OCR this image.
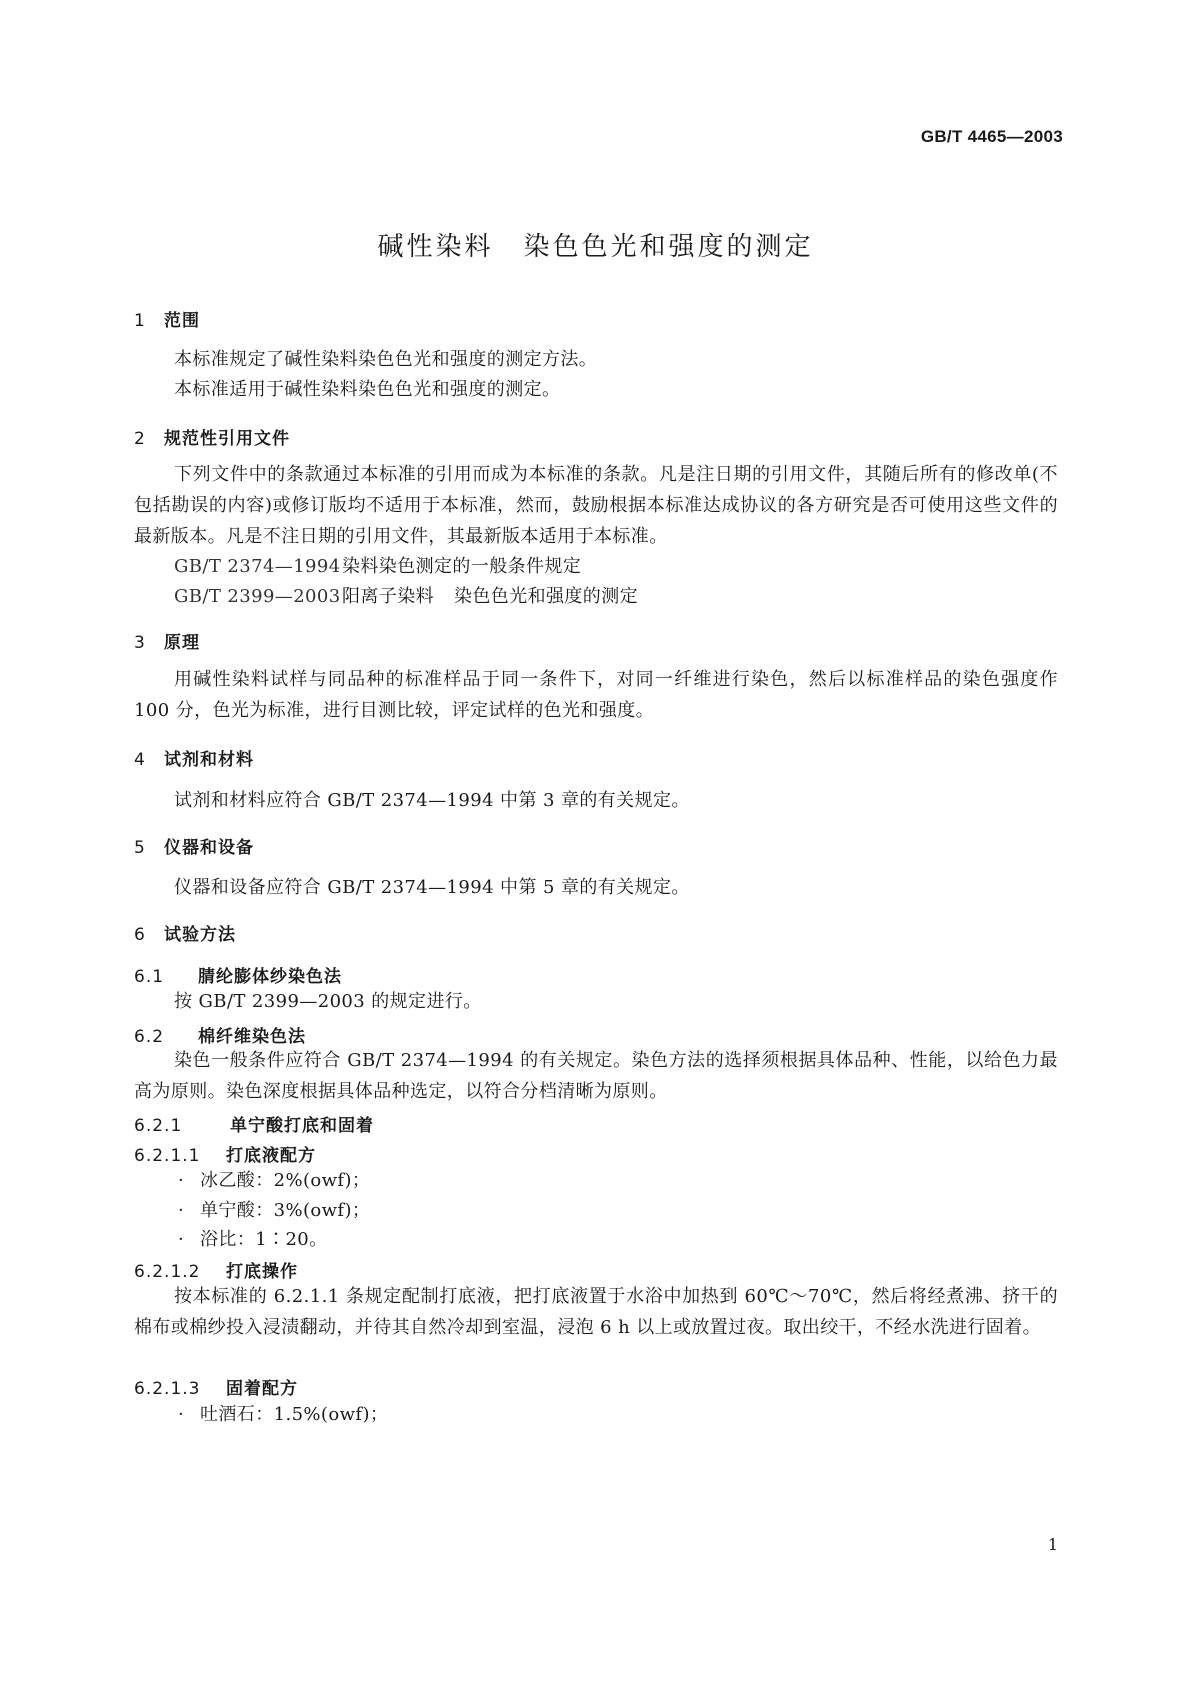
GB/T 4465—2003
碱性染料 染色色光和强度的测定
1 范围
本标准规定了碱性染料染色色光和强度的测定方法。
本标准适用于碱性染料染色色光和强度的测定。
2 规范性引用文件
下列文件中的条款通过本标准的引用而成为本标准的条款。凡是注日期的引用文件，其随后所有的修改单(不包括勘误的内容)或修订版均不适用于本标准，然而，鼓励根据本标准达成协议的各方研究是否可使用这些文件的最新版本。凡是不注日期的引用文件，其最新版本适用于本标准。
GB/T 2374—1994染料染色测定的一般条件规定
GB/T 2399—2003阳离子染料 染色色光和强度的测定
3 原理
用碱性染料试样与同品种的标准样品于同一条件下，对同一纤维进行染色，然后以标准样品的染色强度作 100 分，色光为标准，进行目测比较，评定试样的色光和强度。
4 试剂和材料
试剂和材料应符合 GB/T 2374—1994 中第 3 章的有关规定。
5 仪器和设备
仪器和设备应符合 GB/T 2374—1994 中第 5 章的有关规定。
6 试验方法
6.1 腈纶膨体纱染色法
按 GB/T 2399—2003 的规定进行。
6.2 棉纤维染色法
染色一般条件应符合 GB/T 2374—1994 的有关规定。染色方法的选择须根据具体品种、性能，以给色力最高为原则。染色深度根据具体品种选定，以符合分档清晰为原则。
6.2.1	单宁酸打底和固着
6.2.1.1 打底液配方
· 冰乙酸：2%(owf)；
· 单宁酸：3%(owf)；
· 浴比：1∶20。
6.2.1.2 打底操作
按本标准的 6.2.1.1 条规定配制打底液，把打底液置于水浴中加热到 60℃～70℃，然后将经煮沸、挤干的棉布或棉纱投入浸渍翻动，并待其自然冷却到室温，浸泡 6 h 以上或放置过夜。取出绞干，不经水洗进行固着。
6.2.1.3 固着配方
· 吐酒石：1.5%(owf)；
1
